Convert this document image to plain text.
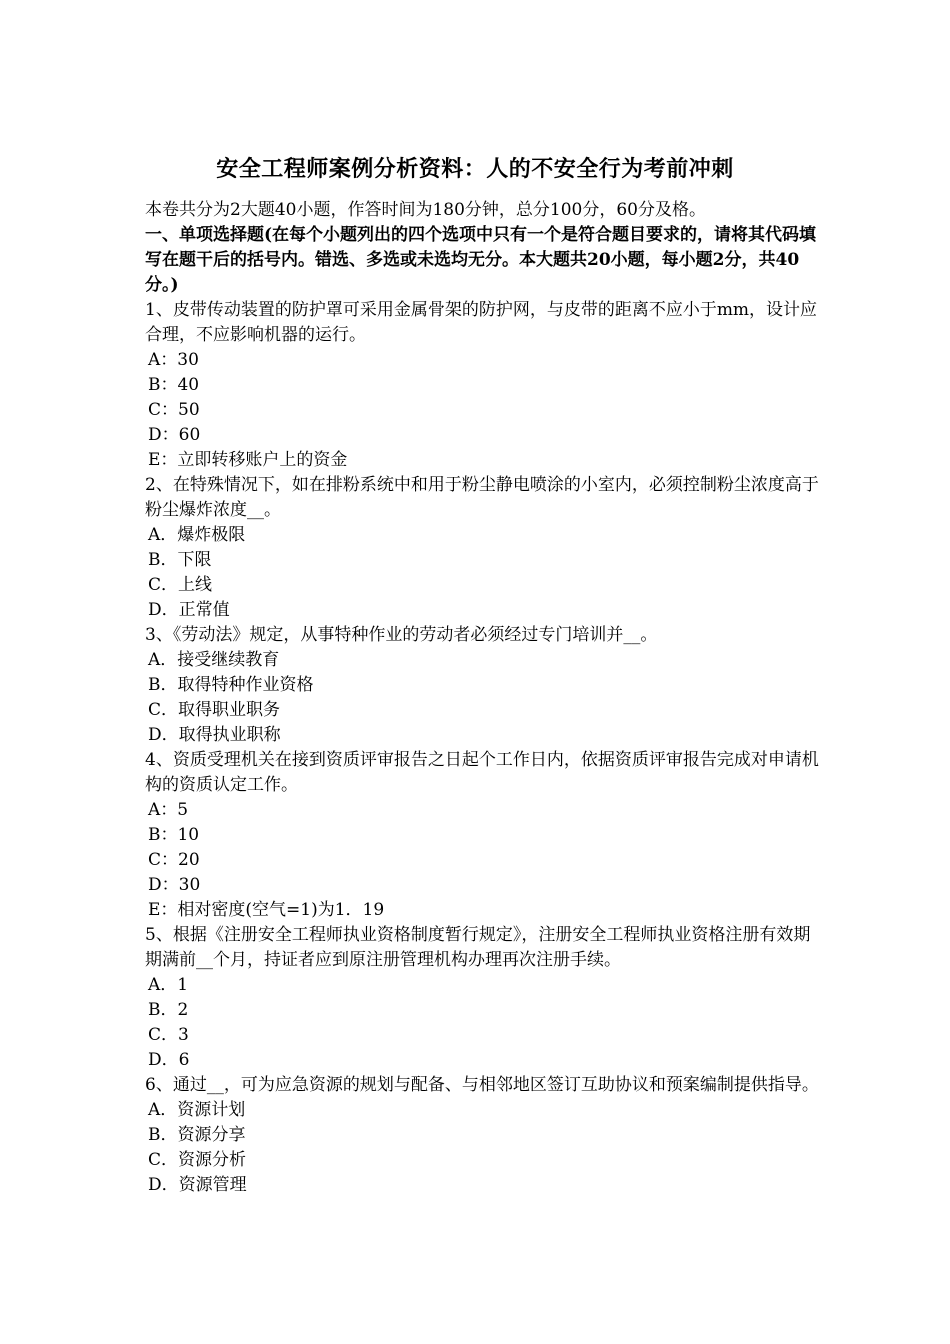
安全工程师案例分析资料：人的不安全行为考前冲刺
本卷共分为2大题40小题，作答时间为180分钟，总分100分，60分及格。
一、单项选择题(在每个小题列出的四个选项中只有一个是符合题目要求的，请将其代码填写在题干后的括号内。错选、多选或未选均无分。本大题共20小题，每小题2分，共40分。)
1、皮带传动装置的防护罩可采用金属骨架的防护网，与皮带的距离不应小于mm，设计应合理，不应影响机器的运行。
A：30
B：40
C：50
D：60
E：立即转移账户上的资金
2、在特殊情况下，如在排粉系统中和用于粉尘静电喷涂的小室内，必须控制粉尘浓度高于粉尘爆炸浓度__。
A．爆炸极限
B．下限
C．上线
D．正常值
3、《劳动法》规定，从事特种作业的劳动者必须经过专门培训并__。
A．接受继续教育
B．取得特种作业资格
C．取得职业职务
D．取得执业职称
4、资质受理机关在接到资质评审报告之日起个工作日内，依据资质评审报告完成对申请机构的资质认定工作。
A：5
B：10
C：20
D：30
E：相对密度(空气=1)为1．19
5、根据《注册安全工程师执业资格制度暂行规定》，注册安全工程师执业资格注册有效期期满前__个月，持证者应到原注册管理机构办理再次注册手续。
A．1
B．2
C．3
D．6
6、通过__，可为应急资源的规划与配备、与相邻地区签订互助协议和预案编制提供指导。
A．资源计划
B．资源分享
C．资源分析
D．资源管理
